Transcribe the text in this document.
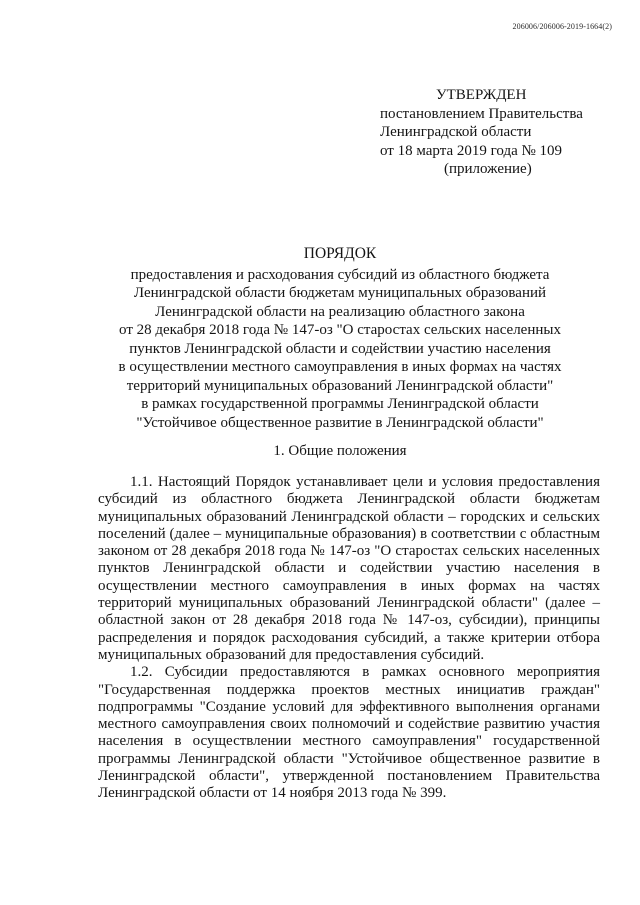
206006/206006-2019-1664(2)
УТВЕРЖДЕН
постановлением Правительства
Ленинградской области
от 18 марта 2019 года № 109
(приложение)
ПОРЯДОК
предоставления и расходования субсидий из областного бюджета
Ленинградской области бюджетам муниципальных образований
Ленинградской области на реализацию областного закона
от 28 декабря 2018 года № 147-оз "О старостах сельских населенных
пунктов Ленинградской области и содействии участию населения
в осуществлении местного самоуправления в иных формах на частях
территорий муниципальных образований Ленинградской области"
в рамках государственной программы Ленинградской области
"Устойчивое общественное развитие в Ленинградской области"
1. Общие положения

1.1. Настоящий Порядок устанавливает цели и условия предоставления субсидий из областного бюджета Ленинградской области бюджетам муниципальных образований Ленинградской области – городских и сельских поселений (далее – муниципальные образования) в соответствии с областным законом от 28 декабря 2018 года № 147-оз "О старостах сельских населенных пунктов Ленинградской области и содействии участию населения в осуществлении местного самоуправления в иных формах на частях территорий муниципальных образований Ленинградской области" (далее – областной закон от 28 декабря 2018 года № 147-оз, субсидии), принципы распределения и порядок расходования субсидий, а также критерии отбора муниципальных образований для предоставления субсидий.

1.2. Субсидии предоставляются в рамках основного мероприятия "Государственная поддержка проектов местных инициатив граждан" подпрограммы "Создание условий для эффективного выполнения органами местного самоуправления своих полномочий и содействие развитию участия населения в осуществлении местного самоуправления" государственной программы Ленинградской области "Устойчивое общественное развитие в Ленинградской области", утвержденной постановлением Правительства Ленинградской области от 14 ноября 2013 года № 399.
